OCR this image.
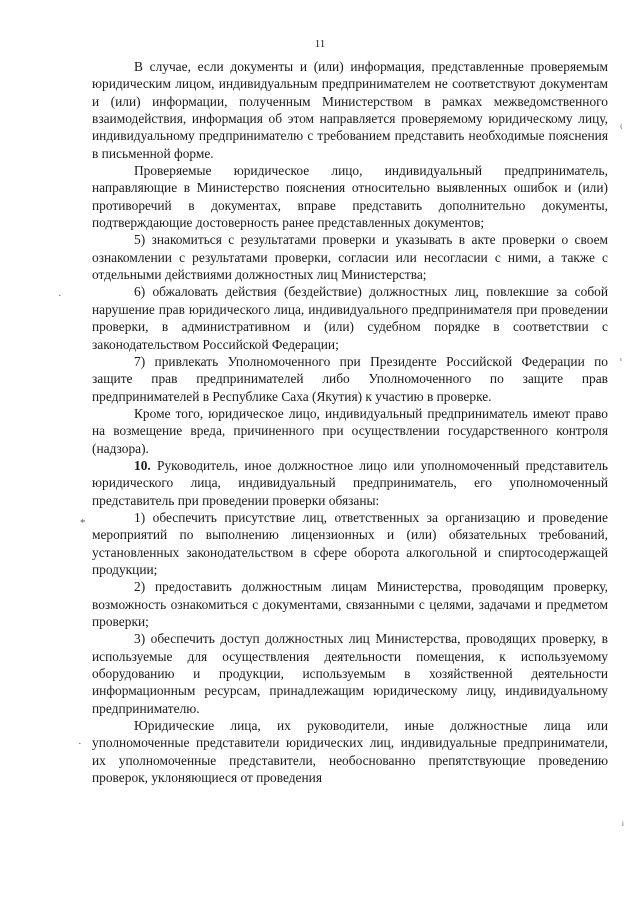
11

В случае, если документы и (или) информация, представленные проверяемым юридическим лицом, индивидуальным предпринимателем не соответствуют документам и (или) информации, полученным Министерством в рамках межведомственного взаимодействия, информация об этом направляется проверяемому юридическому лицу, индивидуальному предпринимателю с требованием представить необходимые пояснения в письменной форме.

Проверяемые юридическое лицо, индивидуальный предприниматель, направляющие в Министерство пояснения относительно выявленных ошибок и (или) противоречий в документах, вправе представить дополнительно документы, подтверждающие достоверность ранее представленных документов;

5) знакомиться с результатами проверки и указывать в акте проверки о своем ознакомлении с результатами проверки, согласии или несогласии с ними, а также с отдельными действиями должностных лиц Министерства;

6) обжаловать действия (бездействие) должностных лиц, повлекшие за собой нарушение прав юридического лица, индивидуального предпринимателя при проведении проверки, в административном и (или) судебном порядке в соответствии с законодательством Российской Федерации;

7) привлекать Уполномоченного при Президенте Российской Федерации по защите прав предпринимателей либо Уполномоченного по защите прав предпринимателей в Республике Саха (Якутия) к участию в проверке.

Кроме того, юридическое лицо, индивидуальный предприниматель имеют право на возмещение вреда, причиненного при осуществлении государственного контроля (надзора).

10. Руководитель, иное должностное лицо или уполномоченный представитель юридического лица, индивидуальный предприниматель, его уполномоченный представитель при проведении проверки обязаны:

1) обеспечить присутствие лиц, ответственных за организацию и проведение мероприятий по выполнению лицензионных и (или) обязательных требований, установленных законодательством в сфере оборота алкогольной и спиртосодержащей продукции;

2) предоставить должностным лицам Министерства, проводящим проверку, возможность ознакомиться с документами, связанными с целями, задачами и предметом проверки;

3) обеспечить доступ должностных лиц Министерства, проводящих проверку, в используемые для осуществления деятельности помещения, к используемому оборудованию и продукции, используемым в хозяйственной деятельности информационным ресурсам, принадлежащим юридическому лицу, индивидуальному предпринимателю.

Юридические лица, их руководители, иные должностные лица или уполномоченные представители юридических лиц, индивидуальные предприниматели, их уполномоченные представители, необоснованно препятствующие проведению проверок, уклоняющиеся от проведения

⁽
·
ᶦ
*
·
ˡ
